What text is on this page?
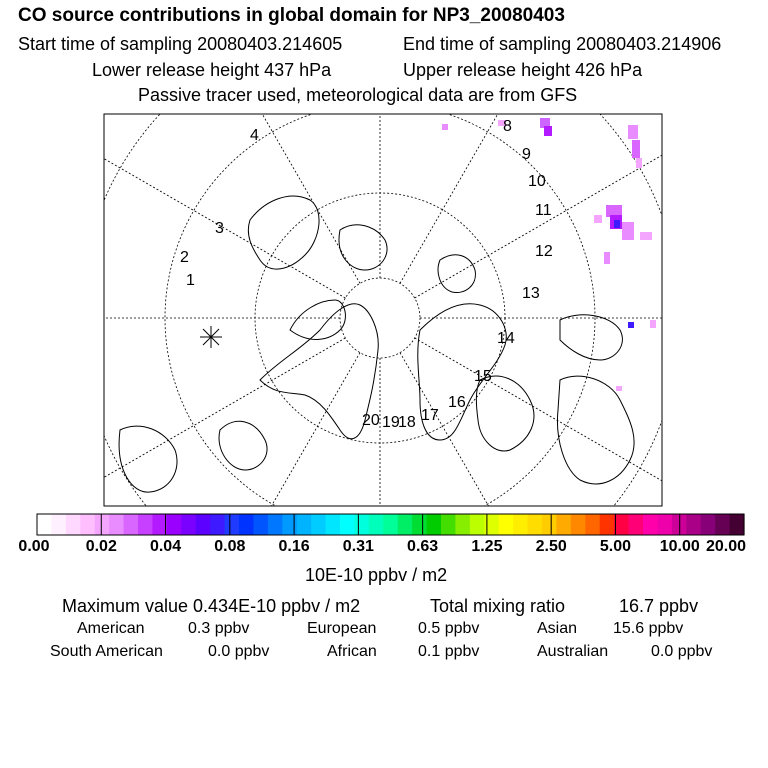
CO source contributions in global domain for NP3_20080403
Start time of sampling 20080403.214605	End time of sampling 20080403.214906
Lower release height 437 hPa	Upper release height 426 hPa
Passive tracer used, meteorological data are from GFS
1
2
3
4
8
9
10
11
12
13
14
15
16
17
18
19
20
0.00 0.02 0.04 0.08 0.16 0.31 0.63 1.25 2.50 5.00 10.00 20.00
10E-10 ppbv / m2
Maximum value 0.434E-10 ppbv / m2	Total mixing ratio	16.7 ppbv
American	0.3 ppbv	European	0.5 ppbv	Asian 15.6 ppbv
South American	0.0 ppbv	African	0.1 ppbv	Australian	0.0 ppbv
